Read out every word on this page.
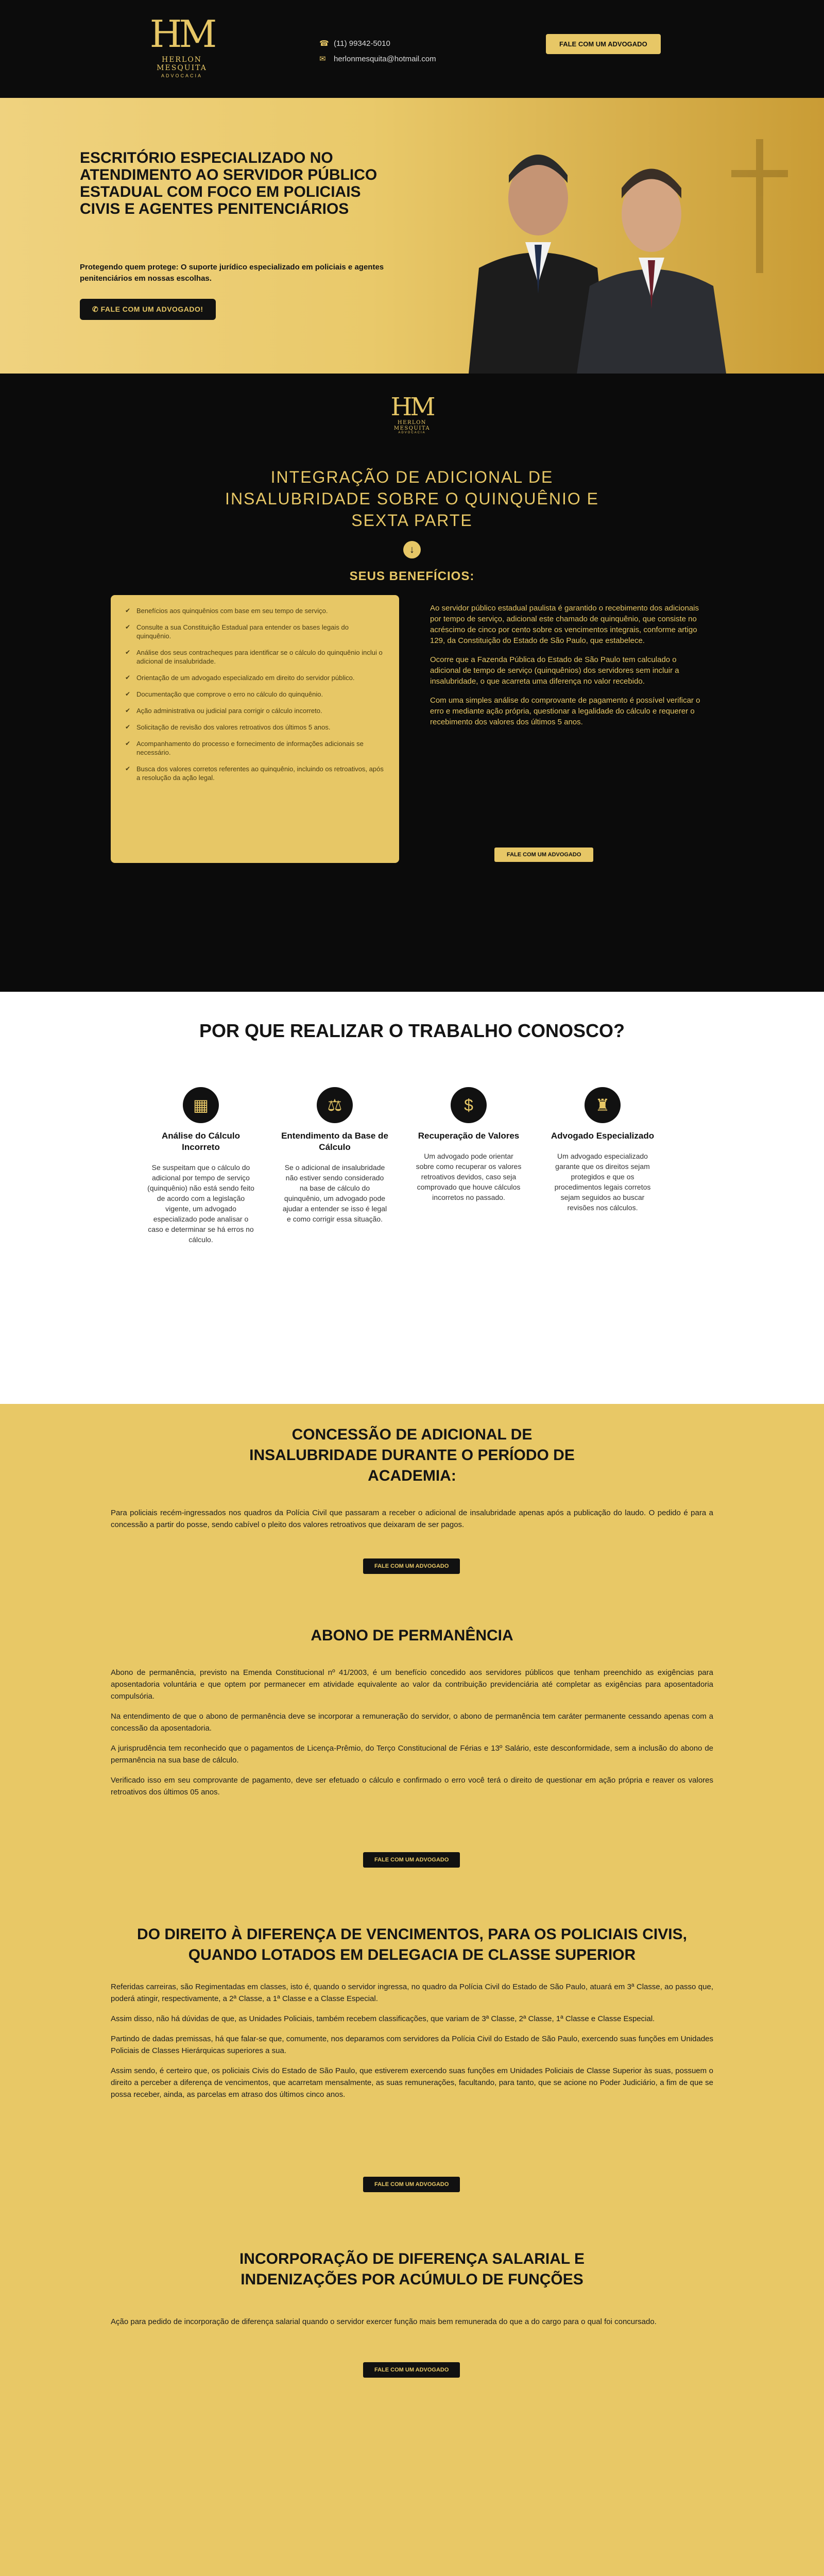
HM
HERLON MESQUITA
ADVOCACIA
☎ (11) 99342-5010
✉ herlonmesquita@hotmail.com
FALE COM UM ADVOGADO
ESCRITÓRIO ESPECIALIZADO NO ATENDIMENTO AO SERVIDOR PÚBLICO ESTADUAL COM FOCO EM POLICIAIS CIVIS E AGENTES PENITENCIÁRIOS

Protegendo quem protege: O suporte jurídico especializado em policiais e agentes penitenciários em nossas escolhas.

✆ FALE COM UM ADVOGADO!
HM
HERLON MESQUITA
ADVOCACIA
INTEGRAÇÃO DE ADICIONAL DE INSALUBRIDADE SOBRE O QUINQUÊNIO E SEXTA PARTE
↓
SEUS BENEFÍCIOS:
✔ Benefícios aos quinquênios com base em seu tempo de serviço.
✔ Consulte a sua Constituição Estadual para entender os bases legais do quinquênio.
✔ Análise dos seus contracheques para identificar se o cálculo do quinquênio inclui o adicional de insalubridade.
✔ Orientação de um advogado especializado em direito do servidor público.
✔ Documentação que comprove o erro no cálculo do quinquênio.
✔ Ação administrativa ou judicial para corrigir o cálculo incorreto.
✔ Solicitação de revisão dos valores retroativos dos últimos 5 anos.
✔ Acompanhamento do processo e fornecimento de informações adicionais se necessário.
✔ Busca dos valores corretos referentes ao quinquênio, incluindo os retroativos, após a resolução da ação legal.

Ao servidor público estadual paulista é garantido o recebimento dos adicionais por tempo de serviço, adicional este chamado de quinquênio, que consiste no acréscimo de cinco por cento sobre os vencimentos integrais, conforme artigo 129, da Constituição do Estado de São Paulo, que estabelece.

Ocorre que a Fazenda Pública do Estado de São Paulo tem calculado o adicional de tempo de serviço (quinquênios) dos servidores sem incluir a insalubridade, o que acarreta uma diferença no valor recebido.

Com uma simples análise do comprovante de pagamento é possível verificar o erro e mediante ação própria, questionar a legalidade do cálculo e requerer o recebimento dos valores dos últimos 5 anos.

FALE COM UM ADVOGADO
POR QUE REALIZAR O TRABALHO CONOSCO?
▦
Análise do Cálculo Incorreto
Se suspeitam que o cálculo do adicional por tempo de serviço (quinquênio) não está sendo feito de acordo com a legislação vigente, um advogado especializado pode analisar o caso e determinar se há erros no cálculo.
⚖
Entendimento da Base de Cálculo
Se o adicional de insalubridade não estiver sendo considerado na base de cálculo do quinquênio, um advogado pode ajudar a entender se isso é legal e como corrigir essa situação.
$
Recuperação de Valores
Um advogado pode orientar sobre como recuperar os valores retroativos devidos, caso seja comprovado que houve cálculos incorretos no passado.
♜
Advogado Especializado
Um advogado especializado garante que os direitos sejam protegidos e que os procedimentos legais corretos sejam seguidos ao buscar revisões nos cálculos.
CONCESSÃO DE ADICIONAL DE INSALUBRIDADE DURANTE O PERÍODO DE ACADEMIA:

Para policiais recém-ingressados nos quadros da Polícia Civil que passaram a receber o adicional de insalubridade apenas após a publicação do laudo. O pedido é para a concessão a partir do posse, sendo cabível o pleito dos valores retroativos que deixaram de ser pagos.

FALE COM UM ADVOGADO
ABONO DE PERMANÊNCIA

Abono de permanência, previsto na Emenda Constitucional nº 41/2003, é um benefício concedido aos servidores públicos que tenham preenchido as exigências para aposentadoria voluntária e que optem por permanecer em atividade equivalente ao valor da contribuição previdenciária até completar as exigências para aposentadoria compulsória.

Na entendimento de que o abono de permanência deve se incorporar a remuneração do servidor, o abono de permanência tem caráter permanente cessando apenas com a concessão da aposentadoria.

A jurisprudência tem reconhecido que o pagamentos de Licença-Prêmio, do Terço Constitucional de Férias e 13º Salário, este desconformidade, sem a inclusão do abono de permanência na sua base de cálculo.

Verificado isso em seu comprovante de pagamento, deve ser efetuado o cálculo e confirmado o erro você terá o direito de questionar em ação própria e reaver os valores retroativos dos últimos 05 anos.

FALE COM UM ADVOGADO
DO DIREITO À DIFERENÇA DE VENCIMENTOS, PARA OS POLICIAIS CIVIS, QUANDO LOTADOS EM DELEGACIA DE CLASSE SUPERIOR

Referidas carreiras, são Regimentadas em classes, isto é, quando o servidor ingressa, no quadro da Polícia Civil do Estado de São Paulo, atuará em 3ª Classe, ao passo que, poderá atingir, respectivamente, a 2ª Classe, a 1ª Classe e a Classe Especial.

Assim disso, não há dúvidas de que, as Unidades Policiais, também recebem classificações, que variam de 3ª Classe, 2ª Classe, 1ª Classe e Classe Especial.

Partindo de dadas premissas, há que falar-se que, comumente, nos deparamos com servidores da Polícia Civil do Estado de São Paulo, exercendo suas funções em Unidades Policiais de Classes Hierárquicas superiores a sua.

Assim sendo, é certeiro que, os policiais Civis do Estado de São Paulo, que estiverem exercendo suas funções em Unidades Policiais de Classe Superior às suas, possuem o direito a perceber a diferença de vencimentos, que acarretam mensalmente, as suas remunerações, facultando, para tanto, que se acione no Poder Judiciário, a fim de que se possa receber, ainda, as parcelas em atraso dos últimos cinco anos.

FALE COM UM ADVOGADO
INCORPORAÇÃO DE DIFERENÇA SALARIAL E INDENIZAÇÕES POR ACÚMULO DE FUNÇÕES

Ação para pedido de incorporação de diferença salarial quando o servidor exercer função mais bem remunerada do que a do cargo para o qual foi concursado.

FALE COM UM ADVOGADO
